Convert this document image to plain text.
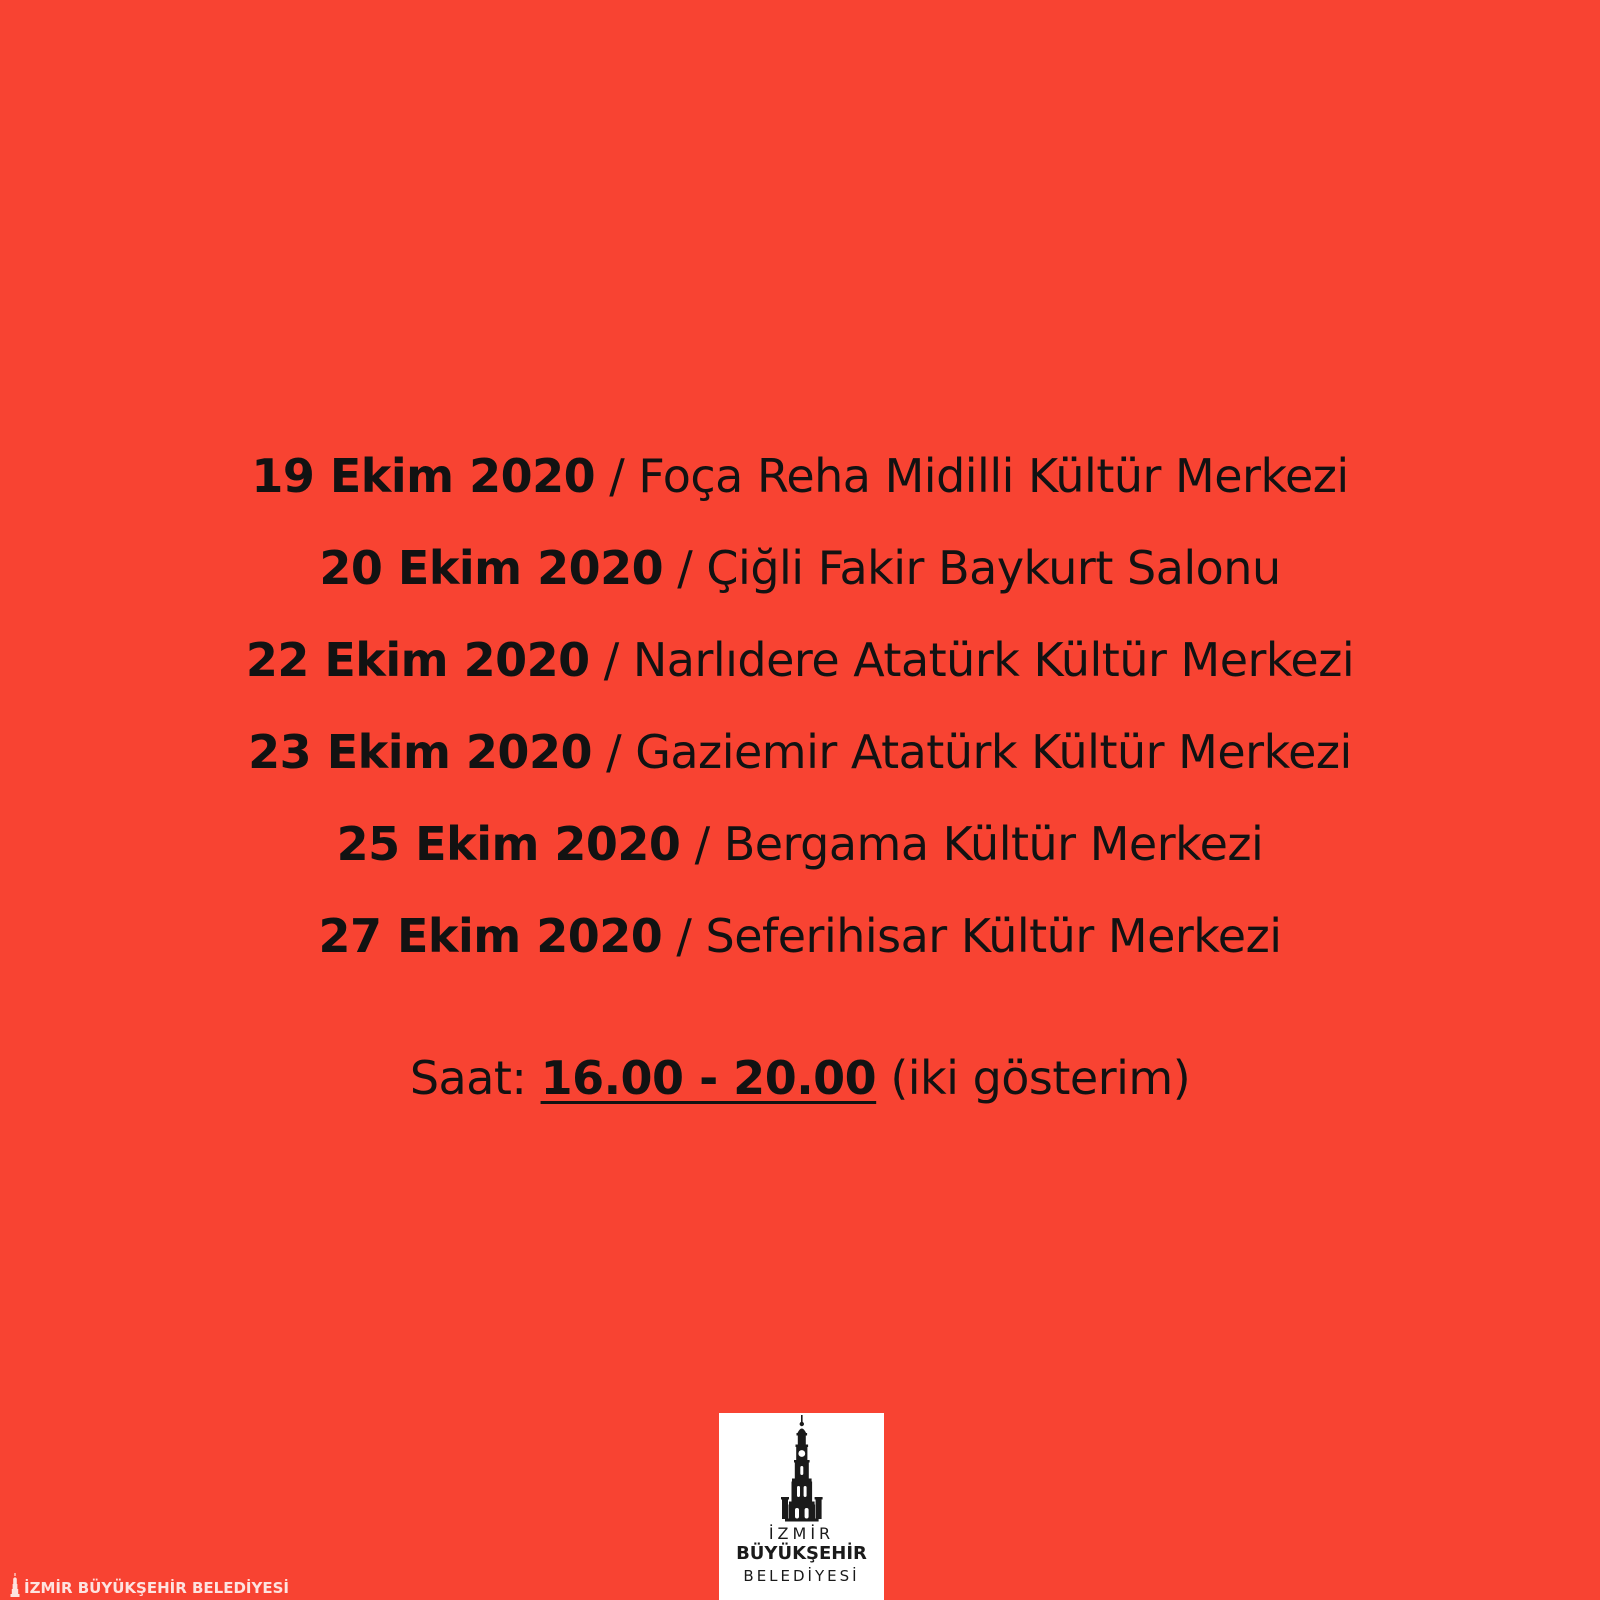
19 Ekim 2020 / Foça Reha Midilli Kültür Merkezi
20 Ekim 2020 / Çiğli Fakir Baykurt Salonu
22 Ekim 2020 / Narlıdere Atatürk Kültür Merkezi
23 Ekim 2020 / Gaziemir Atatürk Kültür Merkezi
25 Ekim 2020 / Bergama Kültür Merkezi
27 Ekim 2020 / Seferihisar Kültür Merkezi
Saat: 16.00 - 20.00 (iki gösterim)
İZMİR
BÜYÜKŞEHİR
BELEDİYESİ
İZMİR BÜYÜKŞEHİR BELEDİYESİ
